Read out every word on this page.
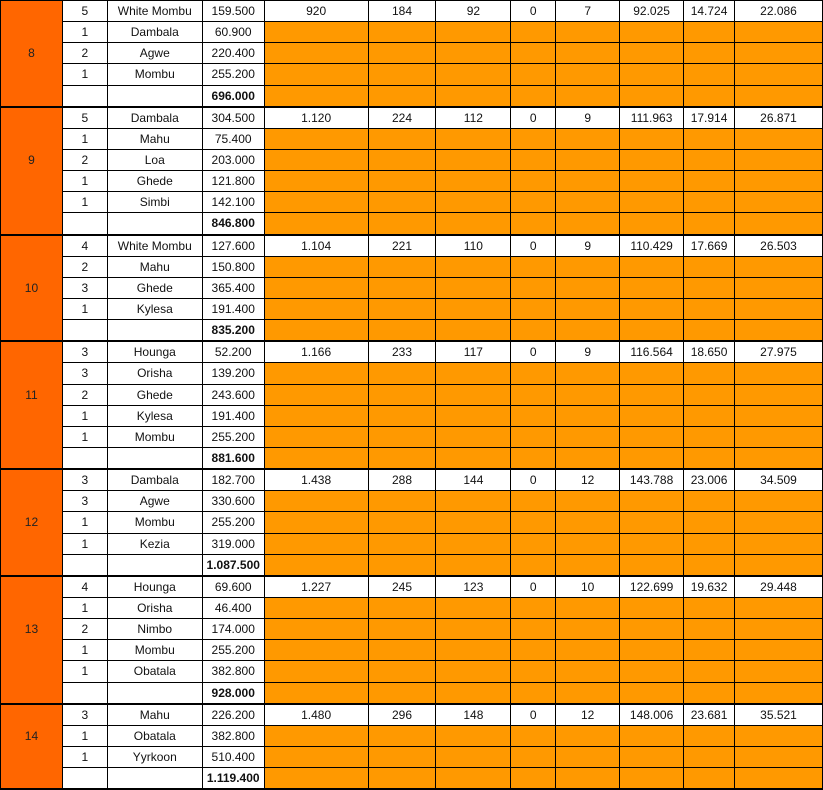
	5	White Mombu	159.500	920	184	92	0	7	92.025	14.724	22.086
	1	Dambala	60.900								
8	2	Agwe	220.400								
	1	Mombu	255.200								
			696.000								
	5	Dambala	304.500	1.120	224	112	0	9	111.963	17.914	26.871
	1	Mahu	75.400								
9	2	Loa	203.000								
	1	Ghede	121.800								
	1	Simbi	142.100								
			846.800								
	4	White Mombu	127.600	1.104	221	110	0	9	110.429	17.669	26.503
	2	Mahu	150.800								
10	3	Ghede	365.400								
	1	Kylesa	191.400								
			835.200								
	3	Hounga	52.200	1.166	233	117	0	9	116.564	18.650	27.975
	3	Orisha	139.200								
11	2	Ghede	243.600								
	1	Kylesa	191.400								
	1	Mombu	255.200								
			881.600								
	3	Dambala	182.700	1.438	288	144	0	12	143.788	23.006	34.509
	3	Agwe	330.600								
12	1	Mombu	255.200								
	1	Kezia	319.000								
			1.087.500								
	4	Hounga	69.600	1.227	245	123	0	10	122.699	19.632	29.448
	1	Orisha	46.400								
13	2	Nimbo	174.000								
	1	Mombu	255.200								
	1	Obatala	382.800								
			928.000								
	3	Mahu	226.200	1.480	296	148	0	12	148.006	23.681	35.521
14	1	Obatala	382.800								
	1	Yyrkoon	510.400								
			1.119.400								
